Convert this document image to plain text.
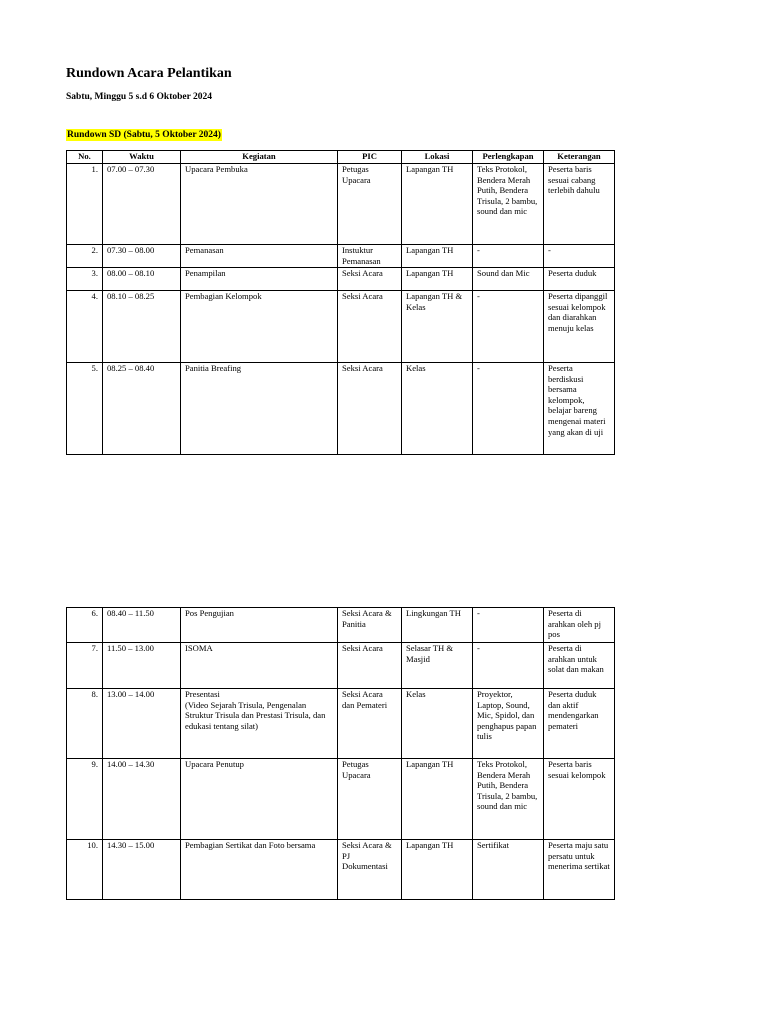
Rundown Acara Pelantikan
Sabtu, Minggu 5 s.d 6 Oktober 2024
Rundown SD (Sabtu, 5 Oktober 2024)
No.	Waktu	Kegiatan	PIC	Lokasi	Perlengkapan	Keterangan
1.	07.00 – 07.30	Upacara Pembuka	Petugas Upacara	Lapangan TH	Teks Protokol, Bendera Merah Putih, Bendera Trisula, 2 bambu, sound dan mic	Peserta baris sesuai cabang terlebih dahulu
2.	07.30 – 08.00	Pemanasan	Instuktur Pemanasan	Lapangan TH	-	-
3.	08.00 – 08.10	Penampilan	Seksi Acara	Lapangan TH	Sound dan Mic	Peserta duduk
4.	08.10 – 08.25	Pembagian Kelompok	Seksi Acara	Lapangan TH & Kelas	-	Peserta dipanggil sesuai kelompok dan diarahkan menuju kelas
5.	08.25 – 08.40	Panitia Breafing	Seksi Acara	Kelas	-	Peserta berdiskusi bersama kelompok, belajar bareng mengenai materi yang akan di uji
6.	08.40 – 11.50	Pos Pengujian	Seksi Acara & Panitia	Lingkungan TH	-	Peserta di arahkan oleh pj pos
7.	11.50 – 13.00	ISOMA	Seksi Acara	Selasar TH & Masjid	-	Peserta di arahkan untuk solat dan makan
8.	13.00 – 14.00	Presentasi
(Video Sejarah Trisula, Pengenalan Struktur Trisula dan Prestasi Trisula, dan edukasi tentang silat)	Seksi Acara dan Pemateri	Kelas	Proyektor, Laptop, Sound, Mic, Spidol, dan penghapus papan tulis	Peserta duduk dan aktif mendengarkan pemateri
9.	14.00 – 14.30	Upacara Penutup	Petugas Upacara	Lapangan TH	Teks Protokol, Bendera Merah Putih, Bendera Trisula, 2 bambu, sound dan mic	Peserta baris sesuai kelompok
10.	14.30 – 15.00	Pembagian Sertikat dan Foto bersama	Seksi Acara & PJ Dokumentasi	Lapangan TH	Sertifikat	Peserta maju satu persatu untuk menerima sertikat
